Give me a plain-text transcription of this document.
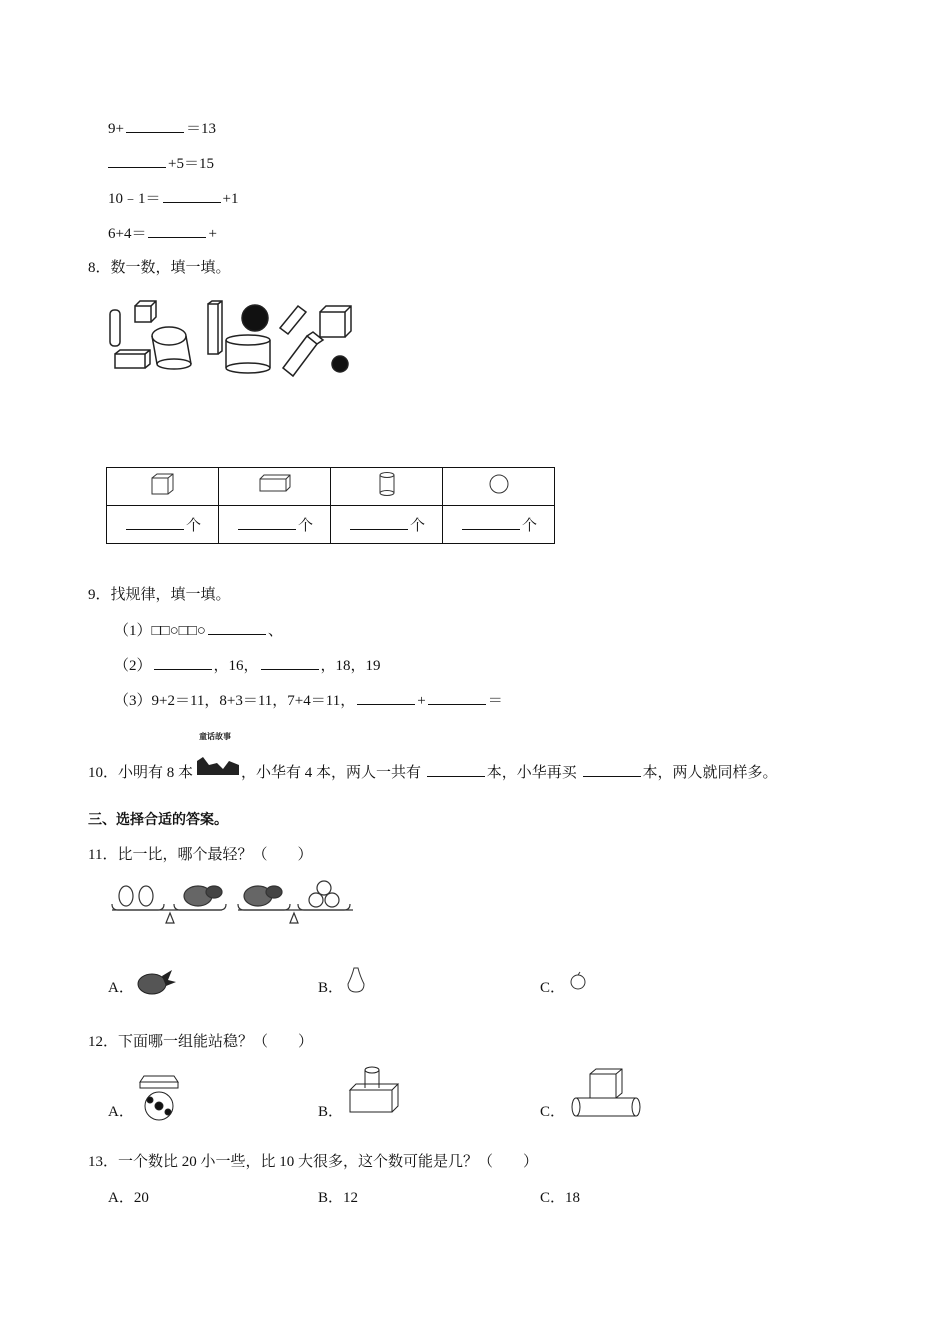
9+	＝13
+5＝15
10﹣1＝	+1
6+4＝	+
8．数一数，填一填。

个	个	个	个
9．找规律，填一填。
（1）□□○□□○	、
（2）	，16，	，18，19
（3）9+2＝11，8+3＝11，7+4＝11，	+	＝
10．小明有 8 本
童话故事
，小华有 4 本，两人一共有	本，小华再买	本，两人就同样多。
三、选择合适的答案。
11．比一比，哪个最轻？（　　）
A．	B．	C．
12．下面哪一组能站稳？（　　）
A．	B．	C．
13．一个数比 20 小一些，比 10 大很多，这个数可能是几？（　　）
A．20	B．12	C．18
